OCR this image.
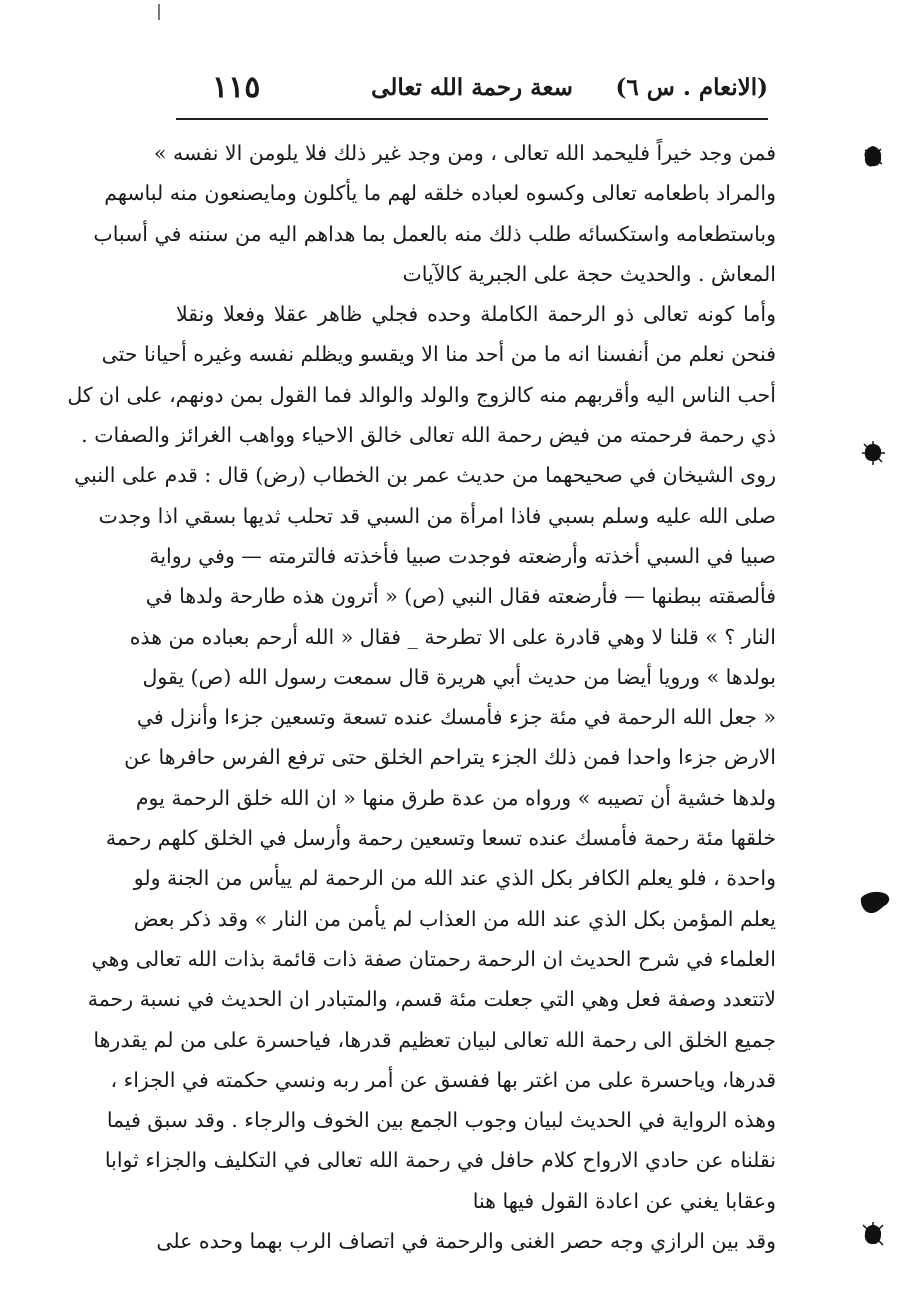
(الانعام . س ٦)
سعة رحمة الله تعالى
١١٥
فمن وجد خيراً فليحمد الله تعالى ، ومن وجد غير ذلك فلا يلومن الا نفسه »
والمراد باطعامه تعالى وكسوه لعباده خلقه لهم ما يأكلون ومايصنعون منه لباسهم
وباستطعامه واستكسائه طلب ذلك منه بالعمل بما هداهم اليه من سننه في أسباب
المعاش . والحديث حجة على الجبرية كالآيات
وأما كونه تعالى ذو الرحمة الكاملة وحده فجلي ظاهر عقلا وفعلا ونقلا
فنحن نعلم من أنفسنا انه ما من أحد منا الا ويقسو ويظلم نفسه وغيره أحيانا حتى
أحب الناس اليه وأقربهم منه كالزوج والولد والوالد فما القول بمن دونهم، على ان كل
ذي رحمة فرحمته من فيض رحمة الله تعالى خالق الاحياء وواهب الغرائز والصفات .
روى الشيخان في صحيحهما من حديث عمر بن الخطاب (رض) قال : قدم على النبي
صلى الله عليه وسلم بسبي فاذا امرأة من السبي قد تحلب ثديها بسقي اذا وجدت
صبيا في السبي أخذته وأرضعته فوجدت صبيا فأخذته فالترمته — وفي رواية
فألصقته ببطنها — فأرضعته فقال النبي (ص) « أترون هذه طارحة ولدها في
النار ؟ » قلنا لا وهي قادرة على الا تطرحة _ فقال « الله أرحم بعباده من هذه
بولدها » ورويا أيضا من حديث أبي هريرة قال سمعت رسول الله (ص) يقول
« جعل الله الرحمة في مئة جزء فأمسك عنده تسعة وتسعين جزءا وأنزل في
الارض جزءا واحدا فمن ذلك الجزء يتراحم الخلق حتى ترفع الفرس حافرها عن
ولدها خشية أن تصيبه » ورواه من عدة طرق منها « ان الله خلق الرحمة يوم
خلقها مئة رحمة فأمسك عنده تسعا وتسعين رحمة وأرسل في الخلق كلهم رحمة
واحدة ، فلو يعلم الكافر بكل الذي عند الله من الرحمة لم ييأس من الجنة ولو
يعلم المؤمن بكل الذي عند الله من العذاب لم يأمن من النار » وقد ذكر بعض
العلماء في شرح الحديث ان الرحمة رحمتان صفة ذات قائمة بذات الله تعالى وهي
لاتتعدد وصفة فعل وهي التي جعلت مئة قسم، والمتبادر ان الحديث في نسبة رحمة
جميع الخلق الى رحمة الله تعالى لبيان تعظيم قدرها، فياحسرة على من لم يقدرها
قدرها، وياحسرة على من اغتر بها ففسق عن أمر ربه ونسي حكمته في الجزاء ،
وهذه الرواية في الحديث لبيان وجوب الجمع بين الخوف والرجاء . وقد سبق فيما
نقلناه عن حادي الارواح كلام حافل في رحمة الله تعالى في التكليف والجزاء ثوابا
وعقابا يغني عن اعادة القول فيها هنا
وقد بين الرازي وجه حصر الغنى والرحمة في اتصاف الرب بهما وحده على
